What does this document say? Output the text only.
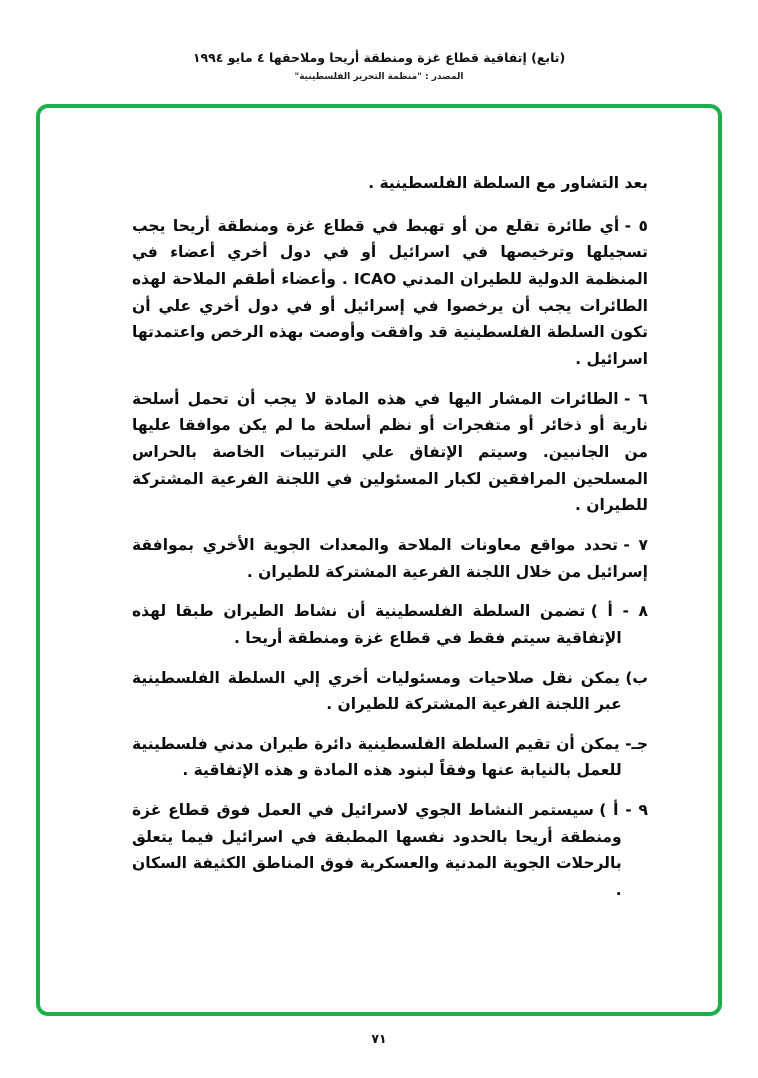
(تابع) إتفاقية قطاع غزة ومنطقة أريحا وملاحقها ٤ مايو ١٩٩٤
المصدر : "منظمة التحرير الفلسطينية"

بعد التشاور مع السلطة الفلسطينية .

٥ -أي طائرة تقلع من أو تهبط في قطاع غزة ومنطقة أريحا يجب تسجيلها وترخيصها في اسرائيل أو في دول أخري أعضاء في المنظمة الدولية للطيران المدني ICAO . وأعضاء أطقم الملاحة لهذه الطائرات يجب أن يرخصوا في إسرائيل أو في دول أخري علي أن تكون السلطة الفلسطينية قد وافقت وأوصت بهذه الرخص واعتمدتها اسرائيل .

٦ -الطائرات المشار اليها في هذه المادة لا يجب أن تحمل أسلحة نارية أو ذخائر أو متفجرات أو نظم أسلحة ما لم يكن موافقا عليها من الجانبين. وسيتم الإتفاق علي الترتيبات الخاصة بالحراس المسلحين المرافقين لكبار المسئولين في اللجنة الفرعية المشتركة للطيران .

٧ -تحدد مواقع معاونات الملاحة والمعدات الجوية الأخري بموافقة إسرائيل من خلال اللجنة الفرعية المشتركة للطيران .

٨ - أ )تضمن السلطة الفلسطينية أن نشاط الطيران طبقا لهذه الإتفاقية سيتم فقط في قطاع غزة ومنطقة أريحا .

ب)يمكن نقل صلاحيات ومسئوليات أخري إلي السلطة الفلسطينية عبر اللجنة الفرعية المشتركة للطيران .

جـ-يمكن أن تقيم السلطة الفلسطينية دائرة طيران مدني فلسطينية للعمل بالنيابة عنها وفقاً لبنود هذه المادة و هذه الإتفاقية .

٩ - أ )سيستمر النشاط الجوي لاسرائيل في العمل فوق قطاع غزة ومنطقة أريحا بالحدود نفسها المطبقة في اسرائيل فيما يتعلق بالرحلات الجوية المدنية والعسكرية فوق المناطق الكثيفة السكان .

٧١
